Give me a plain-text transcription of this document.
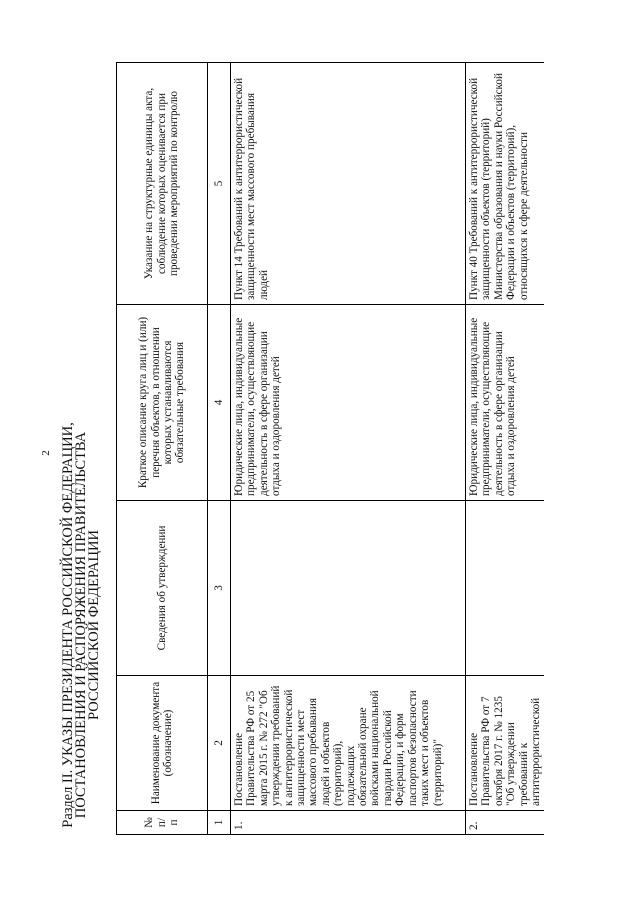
2 Раздел II. УКАЗЫ ПРЕЗИДЕНТА РОССИЙСКОЙ ФЕДЕРАЦИИ, ПОСТАНОВЛЕНИЯ И РАСПОРЯЖЕНИЯ ПРАВИТЕЛЬСТВА РОССИЙСКОЙ ФЕДЕРАЦИИ
№ п/п	Наименование документа (обозначение)	Сведения об утверждении	Краткое описание круга лиц и (или) перечня объектов, в отношении которых устанавливаются обязательные требования	Указание на структурные единицы акта, соблюдение которых оценивается при проведении мероприятий по контролю
1	2	3	4	5
1.	Постановление Правительства РФ от 25 марта 2015 г. № 272 "Об утверждении требований к антитеррористической защищенности мест массового пребывания людей и объектов (территорий), подлежащих обязательной охране войсками национальной гвардии Российской Федерации, и форм паспортов безопасности таких мест и объектов (территорий)"		Юридические лица, индивидуальные предприниматели, осуществляющие деятельность в сфере организации отдыха и оздоровления детей	Пункт 14 Требований к антитеррористической защищенности мест массового пребывания людей
2.	Постановление Правительства РФ от 7 октября 2017 г. № 1235 "Об утверждении требований к антитеррористической		Юридические лица, индивидуальные предприниматели, осуществляющие деятельность в сфере организации отдыха и оздоровления детей	Пункт 40 Требований к антитеррористической защищенности объектов (территорий) Министерства образования и науки Российской Федерации и объектов (территорий), относящихся к сфере деятельности
